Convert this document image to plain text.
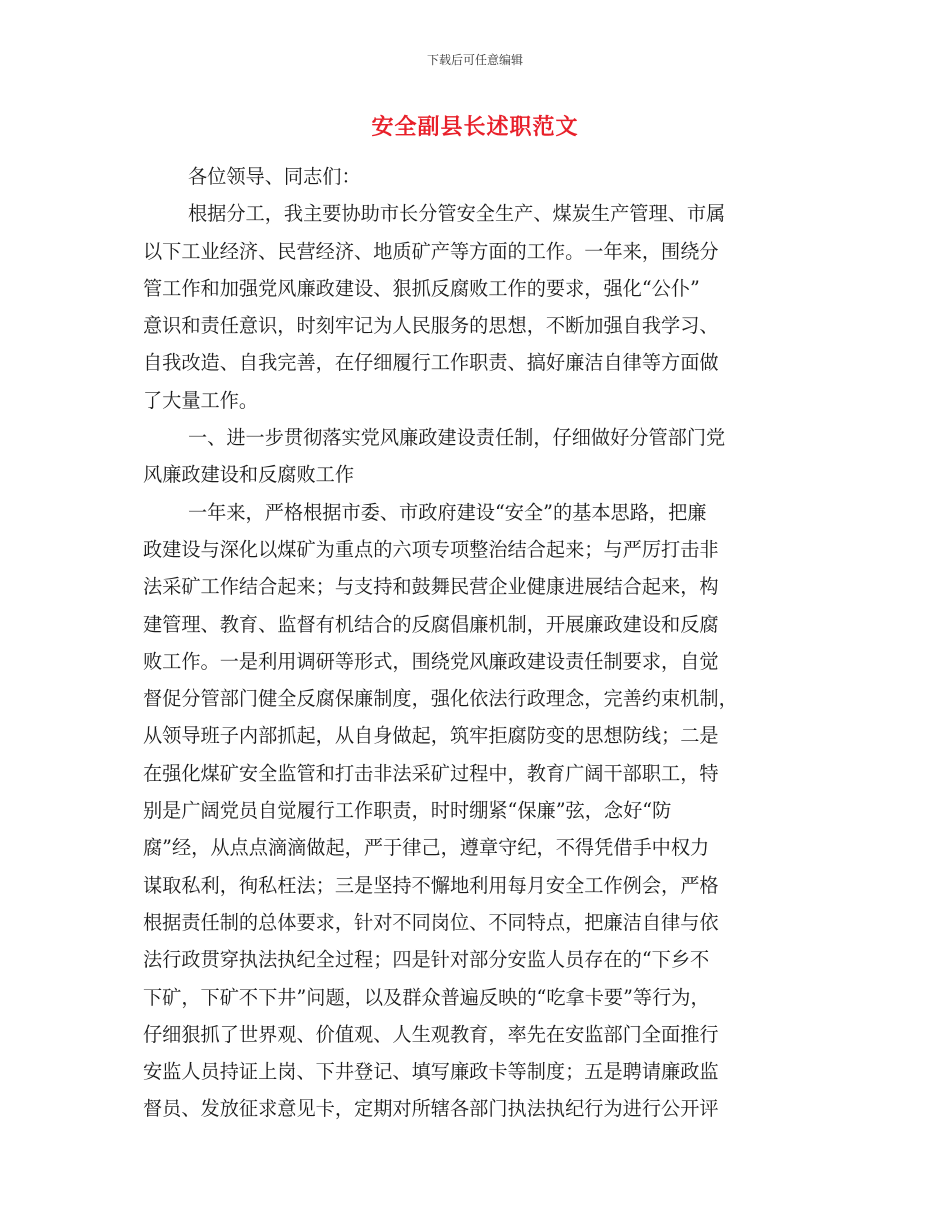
下载后可任意编辑
安全副县长述职范文
各位领导、同志们：
根据分工，我主要协助市长分管安全生产、煤炭生产管理、市属
以下工业经济、民营经济、地质矿产等方面的工作。一年来，围绕分
管工作和加强党风廉政建设、狠抓反腐败工作的要求，强化“公仆”
意识和责任意识，时刻牢记为人民服务的思想，不断加强自我学习、
自我改造、自我完善，在仔细履行工作职责、搞好廉洁自律等方面做
了大量工作。
一、进一步贯彻落实党风廉政建设责任制，仔细做好分管部门党
风廉政建设和反腐败工作
一年来，严格根据市委、市政府建设“安全”的基本思路，把廉
政建设与深化以煤矿为重点的六项专项整治结合起来；与严厉打击非
法采矿工作结合起来；与支持和鼓舞民营企业健康进展结合起来，构
建管理、教育、监督有机结合的反腐倡廉机制，开展廉政建设和反腐
败工作。一是利用调研等形式，围绕党风廉政建设责任制要求，自觉
督促分管部门健全反腐保廉制度，强化依法行政理念，完善约束机制，
从领导班子内部抓起，从自身做起，筑牢拒腐防变的思想防线；二是
在强化煤矿安全监管和打击非法采矿过程中，教育广阔干部职工，特
别是广阔党员自觉履行工作职责，时时绷紧“保廉”弦，念好“防
腐”经，从点点滴滴做起，严于律己，遵章守纪，不得凭借手中权力
谋取私利，徇私枉法；三是坚持不懈地利用每月安全工作例会，严格
根据责任制的总体要求，针对不同岗位、不同特点，把廉洁自律与依
法行政贯穿执法执纪全过程；四是针对部分安监人员存在的“下乡不
下矿，下矿不下井”问题，以及群众普遍反映的“吃拿卡要”等行为，
仔细狠抓了世界观、价值观、人生观教育，率先在安监部门全面推行
安监人员持证上岗、下井登记、填写廉政卡等制度；五是聘请廉政监
督员、发放征求意见卡，定期对所辖各部门执法执纪行为进行公开评
